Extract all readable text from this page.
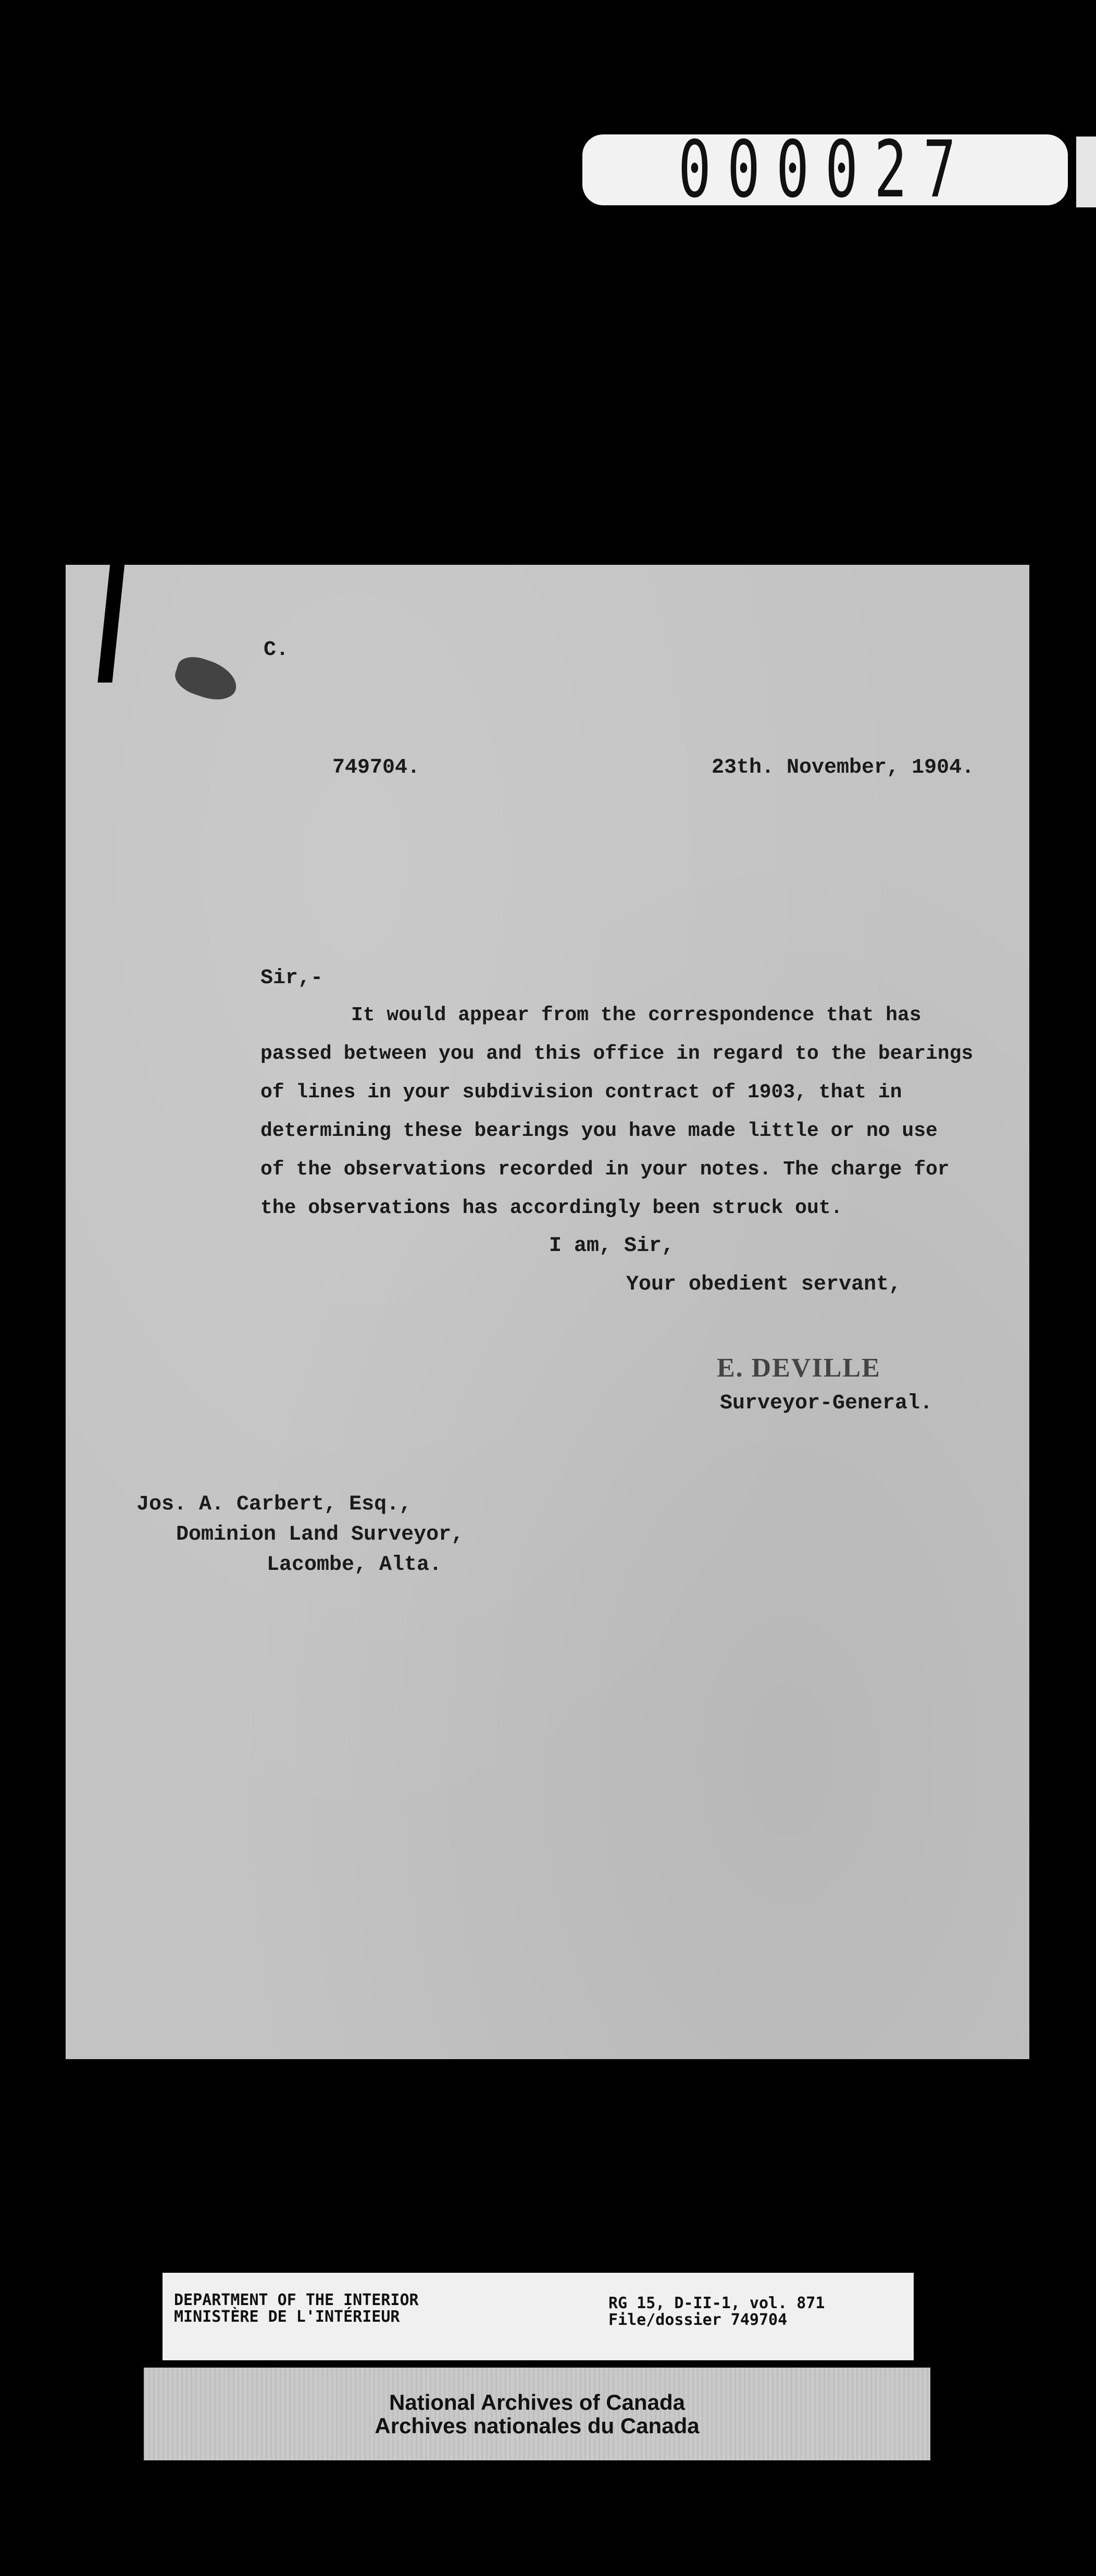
000027
C.
749704.	23th. November, 1904.
Sir,-
It would appear from the correspondence that has
passed between you and this office in regard to the bearings
of lines in your subdivision contract of 1903, that in
determining these bearings you have made little or no use
of the observations recorded in your notes. The charge for
the observations has accordingly been struck out.
I am, Sir,
Your obedient servant,
E. DEVILLE
Surveyor-General.
Jos. A. Carbert, Esq.,
Dominion Land Surveyor,
Lacombe, Alta.
DEPARTMENT OF THE INTERIOR
MINISTÈRE DE L'INTÉRIEUR
RG 15, D-II-1, vol. 871
File/dossier 749704
National Archives of Canada
Archives nationales du Canada
